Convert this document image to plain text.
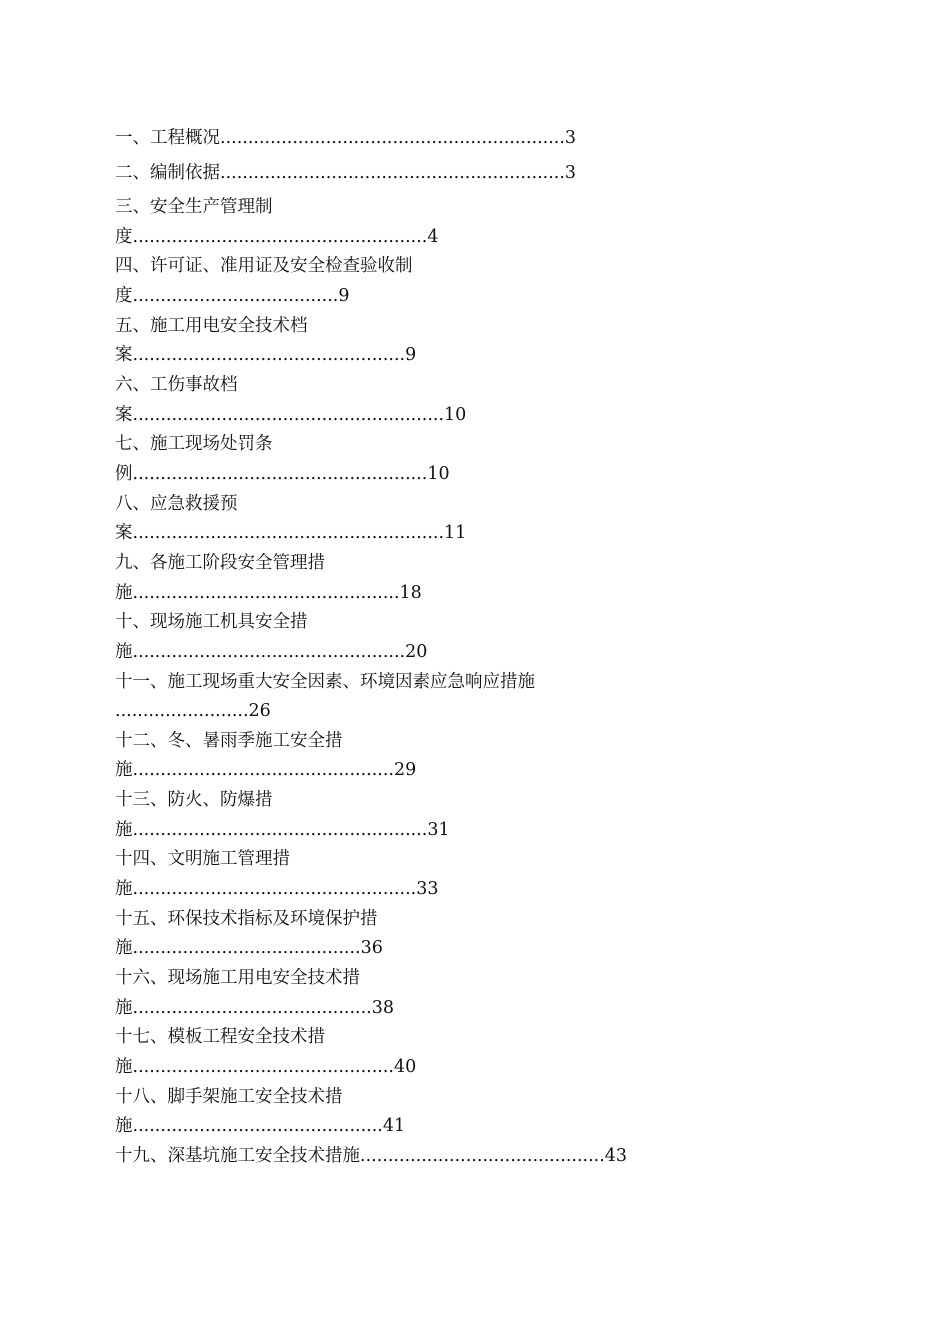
一、工程概况..............................................................3
二、编制依据..............................................................3
三、安全生产管理制
度.....................................................4
四、许可证、准用证及安全检查验收制
度.....................................9
五、施工用电安全技术档
案.................................................9
六、工伤事故档
案........................................................10
七、施工现场处罚条
例.....................................................10
八、应急救援预
案........................................................11
九、各施工阶段安全管理措
施................................................18
十、现场施工机具安全措
施.................................................20
十一、施工现场重大安全因素、环境因素应急响应措施
........................26
十二、冬、暑雨季施工安全措
施...............................................29
十三、防火、防爆措
施.....................................................31
十四、文明施工管理措
施...................................................33
十五、环保技术指标及环境保护措
施.........................................36
十六、现场施工用电安全技术措
施...........................................38
十七、模板工程安全技术措
施...............................................40
十八、脚手架施工安全技术措
施.............................................41
十九、深基坑施工安全技术措施............................................43
